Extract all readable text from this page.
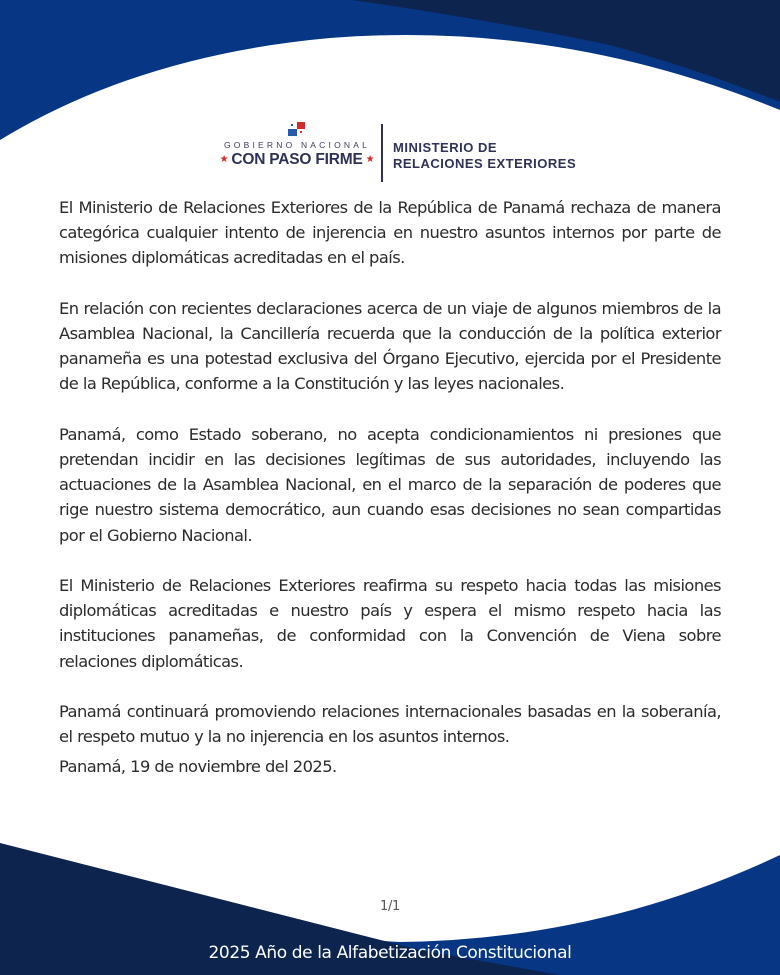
GOBIERNO NACIONAL
★ CON PASO FIRME ★
MINISTERIO DE
RELACIONES EXTERIORES

El Ministerio de Relaciones Exteriores de la República de Panamá rechaza de manera categórica cualquier intento de injerencia en nuestro asuntos internos por parte de misiones diplomáticas acreditadas en el país.

En relación con recientes declaraciones acerca de un viaje de algunos miembros de la Asamblea Nacional, la Cancillería recuerda que la conducción de la política exterior panameña es una potestad exclusiva del Órgano Ejecutivo, ejercida por el Presidente de la República, conforme a la Constitución y las leyes nacionales.

Panamá, como Estado soberano, no acepta condicionamientos ni presiones que pretendan incidir en las decisiones legítimas de sus autoridades, incluyendo las actuaciones de la Asamblea Nacional, en el marco de la separación de poderes que rige nuestro sistema democrático, aun cuando esas decisiones no sean compartidas por el Gobierno Nacional.

El Ministerio de Relaciones Exteriores reafirma su respeto hacia todas las misiones diplomáticas acreditadas e nuestro país y espera el mismo respeto hacia las instituciones panameñas, de conformidad con la Convención de Viena sobre relaciones diplomáticas.

Panamá continuará promoviendo relaciones internacionales basadas en la soberanía, el respeto mutuo y la no injerencia en los asuntos internos.

Panamá, 19 de noviembre del 2025.

1/1
2025 Año de la Alfabetización Constitucional
